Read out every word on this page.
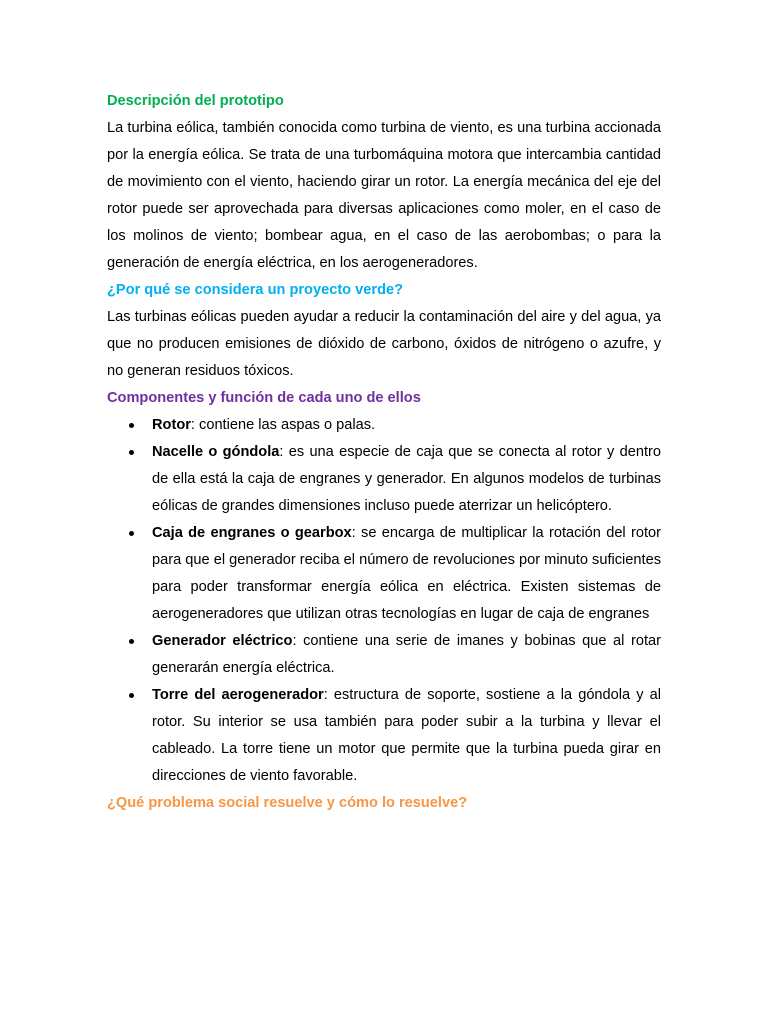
Descripción del prototipo

La turbina eólica, también conocida como turbina de viento, es una turbina accionada por la energía eólica. Se trata de una turbomáquina motora que intercambia cantidad de movimiento con el viento, haciendo girar un rotor. La energía mecánica del eje del rotor puede ser aprovechada para diversas aplicaciones como moler, en el caso de los molinos de viento; bombear agua, en el caso de las aerobombas; o para la generación de energía eléctrica, en los aerogeneradores.

¿Por qué se considera un proyecto verde?

Las turbinas eólicas pueden ayudar a reducir la contaminación del aire y del agua, ya que no producen emisiones de dióxido de carbono, óxidos de nitrógeno o azufre, y no generan residuos tóxicos.

Componentes y función de cada uno de ellos

Rotor: contiene las aspas o palas.
Nacelle o góndola: es una especie de caja que se conecta al rotor y dentro de ella está la caja de engranes y generador. En algunos modelos de turbinas eólicas de grandes dimensiones incluso puede aterrizar un helicóptero.
Caja de engranes o gearbox: se encarga de multiplicar la rotación del rotor para que el generador reciba el número de revoluciones por minuto suficientes para poder transformar energía eólica en eléctrica. Existen sistemas de aerogeneradores que utilizan otras tecnologías en lugar de caja de engranes
Generador eléctrico: contiene una serie de imanes y bobinas que al rotar generarán energía eléctrica.
Torre del aerogenerador: estructura de soporte, sostiene a la góndola y al rotor. Su interior se usa también para poder subir a la turbina y llevar el cableado. La torre tiene un motor que permite que la turbina pueda girar en direcciones de viento favorable.

¿Qué problema social resuelve y cómo lo resuelve?
